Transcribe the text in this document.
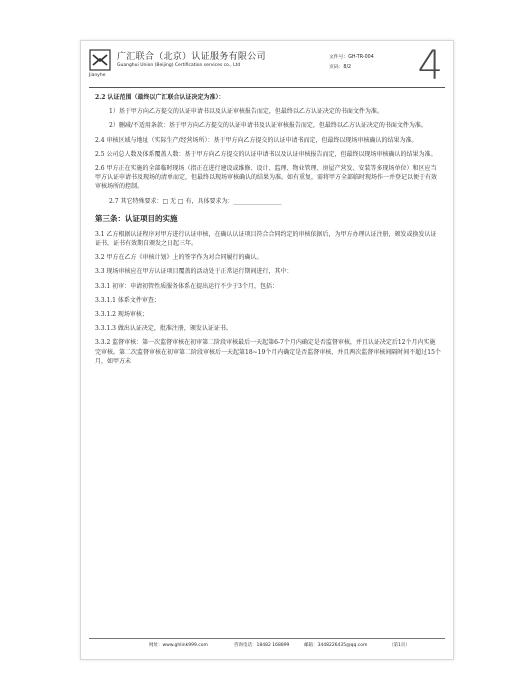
Jianyhe
广汇联合（北京）认证服务有限公司
Guanghui Union (Beijing) Certification services co., Ltd
文件号：GH-TR-004
页码：8/2 4

2.2 认证范围（最终以广汇联合认证决定为准）：

1）基于甲方向乙方提交的认证申请书以及认证审核报告而定，但最终以乙方认证决定的书面文件为准。

2）删减/不适用条款：基于甲方向乙方提交的认证申请书及认证审核报告而定，但最终以乙方认证决定的书面文件为准。

2.4 审核区域与地址（实际生产/经营场所）：基于甲方向乙方提交的认证申请书而定，但最终以现场审核确认的结果为准。

2.5 公司总人数及体系覆盖人数：基于甲方向乙方提交的认证申请书以及认证审核报告而定，但最终以现场审核确认的结果为准。

2.6 甲方正在实施的全部临时现场（指正在进行建设或维修、设计、监理、物业管理、房屋产营发、安装等多现场单位）和区应当甲方认证申请书及现场的清单而定，但最终以现场审核确认的结果为准。如有重复，需将甲方全部临时现场作一并登记以便于有效审核场所的控制。

2.7 其它特殊要求：□ 无 □ 有，具体要求为：________________

第三条：认证项目的实施

3.1 乙方根据认证程序对甲方进行认证审核，在确认认证项目符合合同约定的审核依据后，为甲方办理认证注册，颁发或换发认证证书，证书有效期自颁发之日起三年。

3.2 甲方在乙方《审核计划》上的签字作为对合同履行的确认。

3.3 现场审核应在甲方认证项目覆盖的活动处于正常运行期间进行，其中：

3.3.1 初审：申请初管性质服务体系在提出运行不少于3个月，包括：

3.3.1.1 体系文件审查；

3.3.1.2 现场审核；

3.3.1.3 做出认证决定，批准注册，颁发认证证书。

3.3.2 监督审核：第一次监督审核在初审第二阶段审核最后一天起第6-7个月内确定是否监督审核，并且认证决定后12个月内实施完审核。第二次监督审核在初审第二阶段审核后一天起第18~19个月内确定是否监督审核，并且两次监督审核间隔时间不超过15个月，如甲方未

网址：www.ghlink999.com	咨询电话：18482 168899	邮箱：3448226435@qq.com	（第1页）
